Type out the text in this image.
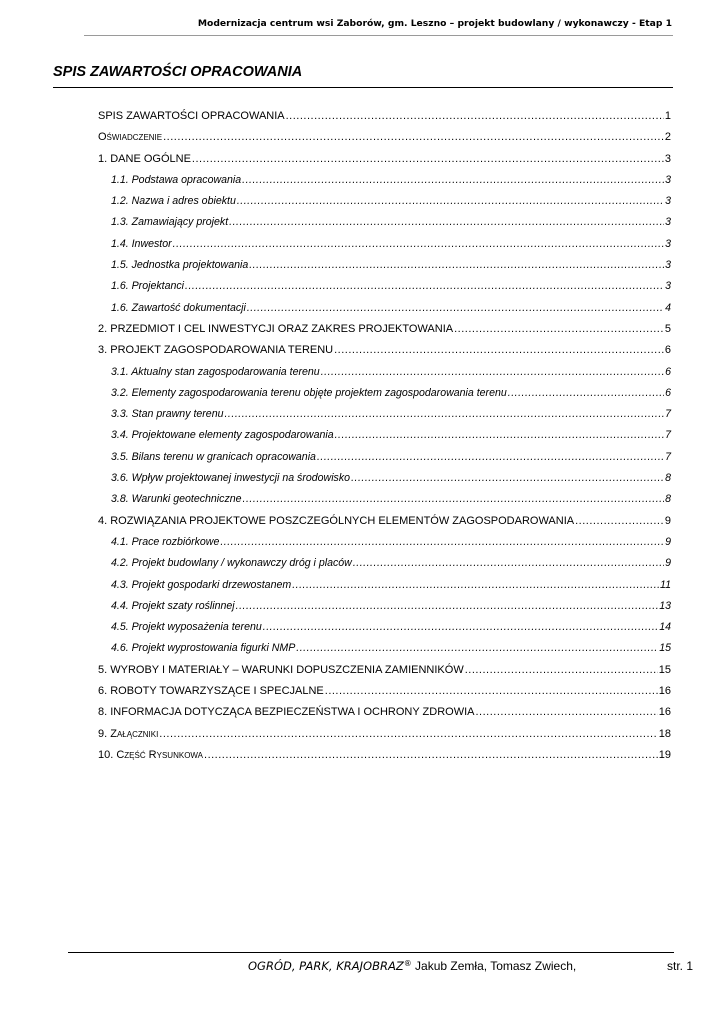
Modernizacja centrum wsi Zaborów, gm. Leszno – projekt budowlany / wykonawczy - Etap 1
SPIS ZAWARTOŚCI OPRACOWANIA
SPIS ZAWARTOŚCI OPRACOWANIA .....	1
Oświadczenie .....	2
1. DANE OGÓLNE .....	3
1.1. Podstawa opracowania .....	3
1.2. Nazwa i adres obiektu .....	3
1.3. Zamawiający projekt .....	3
1.4. Inwestor .....	3
1.5. Jednostka projektowania .....	3
1.6. Projektanci .....	3
1.6. Zawartość dokumentacji .....	4
2. PRZEDMIOT I CEL INWESTYCJI ORAZ ZAKRES PROJEKTOWANIA .....	5
3. PROJEKT ZAGOSPODAROWANIA TERENU .....	6
3.1. Aktualny stan zagospodarowania terenu .....	6
3.2. Elementy zagospodarowania terenu objęte projektem zagospodarowania terenu .....	6
3.3. Stan prawny terenu .....	7
3.4. Projektowane elementy zagospodarowania .....	7
3.5. Bilans terenu w granicach opracowania .....	7
3.6. Wpływ projektowanej inwestycji na środowisko .....	8
3.8. Warunki geotechniczne .....	8
4. ROZWIĄZANIA PROJEKTOWE POSZCZEGÓLNYCH ELEMENTÓW ZAGOSPODAROWANIA .....	9
4.1. Prace rozbiórkowe .....	9
4.2. Projekt budowlany / wykonawczy dróg i placów .....	9
4.3. Projekt gospodarki drzewostanem .....	11
4.4. Projekt szaty roślinnej .....	13
4.5. Projekt wyposażenia terenu .....	14
4.6. Projekt wyprostowania figurki NMP .....	15
5. WYROBY I MATERIAŁY – WARUNKI DOPUSZCZENIA ZAMIENNIKÓW .....	15
6. ROBOTY TOWARZYSZĄCE I SPECJALNE .....	16
8. INFORMACJA DOTYCZĄCA BEZPIECZEŃSTWA I OCHRONY ZDROWIA .....	16
9. Załączniki .....	18
10. Część Rysunkowa .....	19
OGRÓD, PARK, KRAJOBRAZ® Jakub Zemła, Tomasz Zwiech,	str. 1
